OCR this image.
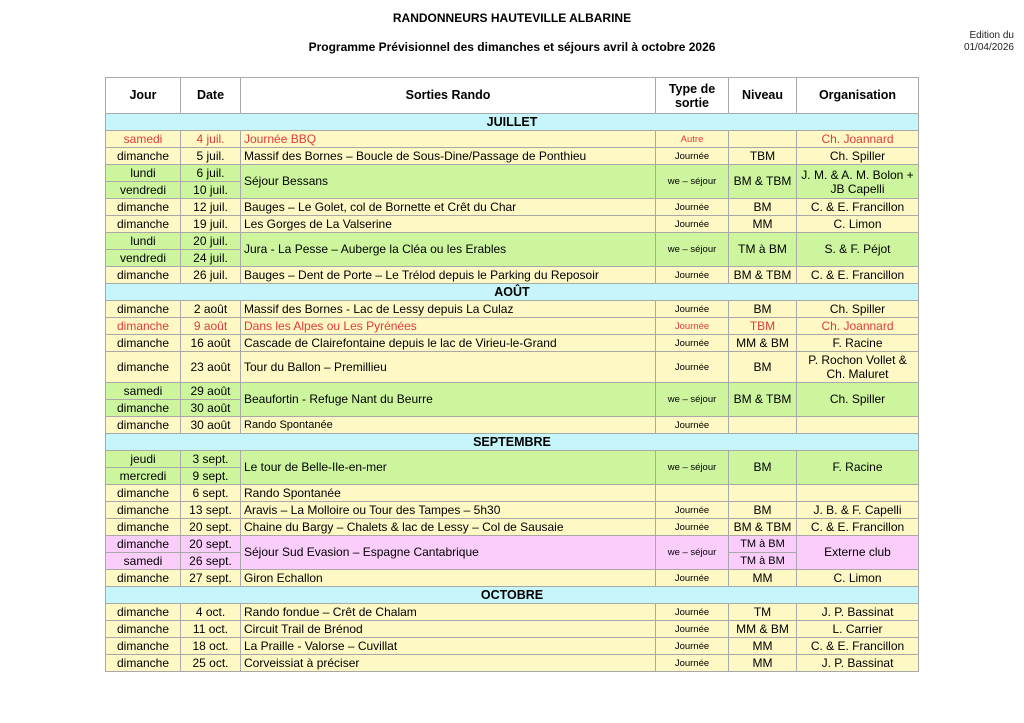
RANDONNEURS HAUTEVILLE ALBARINE
Programme Prévisionnel des dimanches et séjours avril à octobre 2026
Edition du
01/04/2026
Jour	Date	Sorties Rando	Type de sortie	Niveau	Organisation
JUILLET					
samedi	4 juil.	Journée BBQ	Autre		Ch. Joannard
dimanche	5 juil.	Massif des Bornes – Boucle de Sous-Dine/Passage de Ponthieu	Journée	TBM	Ch. Spiller
lundi	6 juil.	Séjour Bessans	we – séjour	BM & TBM	J. M. & A. M. Bolon + JB Capelli
vendredi	10 juil.				
dimanche	12 juil.	Bauges – Le Golet, col de Bornette et Crêt du Char	Journée	BM	C. & E. Francillon
dimanche	19 juil.	Les Gorges de La Valserine	Journée	MM	C. Limon
lundi	20 juil.	Jura - La Pesse – Auberge la Cléa ou les Erables	we – séjour	TM à BM	S. & F. Péjot
vendredi	24 juil.				
dimanche	26 juil.	Bauges – Dent de Porte – Le Trélod depuis le Parking du Reposoir	Journée	BM & TBM	C. & E. Francillon
AOÛT					
dimanche	2 août	Massif des Bornes - Lac de Lessy depuis La Culaz	Journée	BM	Ch. Spiller
dimanche	9 août	Dans les Alpes ou Les Pyrénées	Journée	TBM	Ch. Joannard
dimanche	16 août	Cascade de Clairefontaine depuis le lac de Virieu-le-Grand	Journée	MM & BM	F. Racine
dimanche	23 août	Tour du Ballon – Premillieu	Journée	BM	P. Rochon Vollet & Ch. Maluret
samedi	29 août	Beaufortin - Refuge Nant du Beurre	we – séjour	BM & TBM	Ch. Spiller
dimanche	30 août				
dimanche	30 août	Rando Spontanée	Journée		
SEPTEMBRE					
jeudi	3 sept.	Le tour de Belle-Ile-en-mer	we – séjour	BM	F. Racine
mercredi	9 sept.				
dimanche	6 sept.	Rando Spontanée			
dimanche	13 sept.	Aravis – La Molloire ou Tour des Tampes – 5h30	Journée	BM	J. B. & F. Capelli
dimanche	20 sept.	Chaine du Bargy – Chalets & lac de Lessy – Col de Sausaie	Journée	BM & TBM	C. & E. Francillon
dimanche	20 sept.	Séjour Sud Evasion – Espagne Cantabrique	we – séjour	TM à BM	Externe club
samedi	26 sept.			TM à BM	
dimanche	27 sept.	Giron Echallon	Journée	MM	C. Limon
OCTOBRE					
dimanche	4 oct.	Rando fondue – Crêt de Chalam	Journée	TM	J. P. Bassinat
dimanche	11 oct.	Circuit Trail de Brénod	Journée	MM & BM	L. Carrier
dimanche	18 oct.	La Praille - Valorse – Cuvillat	Journée	MM	C. & E. Francillon
dimanche	25 oct.	Corveissiat à préciser	Journée	MM	J. P. Bassinat
